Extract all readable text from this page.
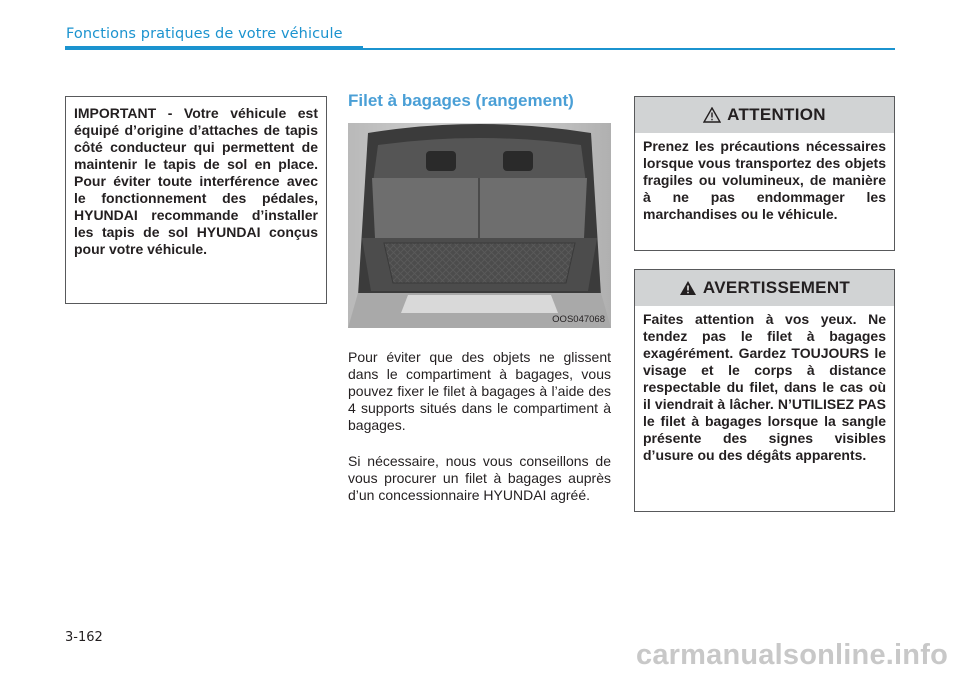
Fonctions pratiques de votre véhicule

IMPORTANT - Votre véhicule est équipé d’origine d’attaches de tapis côté conducteur qui permettent de maintenir le tapis de sol en place. Pour éviter toute interférence avec le fonctionnement des pédales, HYUNDAI recommande d’installer les tapis de sol HYUNDAI conçus pour votre véhicule.

Filet à bagages (rangement)
OOS047068

Pour éviter que des objets ne glissent dans le compartiment à bagages, vous pouvez fixer le filet à bagages à l’aide des 4 supports situés dans le compartiment à bagages.

Si nécessaire, nous vous conseillons de vous procurer un filet à bagages auprès d’un concessionnaire HYUNDAI agréé.

ATTENTION

Prenez les précautions nécessaires lorsque vous transportez des objets fragiles ou volumineux, de manière à ne pas endommager les marchandises ou le véhicule.

AVERTISSEMENT

Faites attention à vos yeux. Ne tendez pas le filet à bagages exagérément. Gardez TOUJOURS le visage et le corps à distance respectable du filet, dans le cas où il viendrait à lâcher. N’UTILISEZ PAS le filet à bagages lorsque la sangle présente des signes visibles d’usure ou des dégâts apparents.

3-162
carmanualsonline.info
